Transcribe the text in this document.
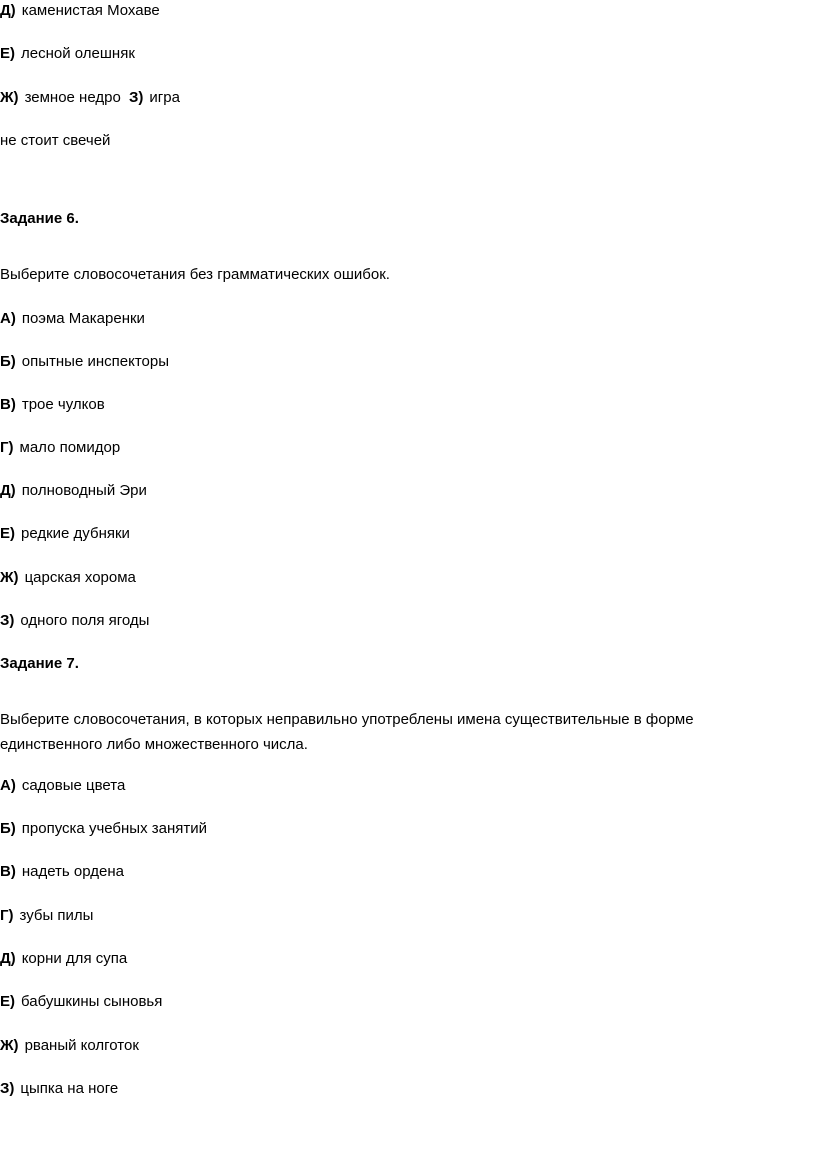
Д) каменистая Мохаве
Е) лесной олешняк
Ж) земное недро З) игра
не стоит свечей
Задание 6.
Выберите словосочетания без грамматических ошибок.
А) поэма Макаренки
Б) опытные инспекторы
В) трое чулков
Г) мало помидор
Д) полноводный Эри
Е) редкие дубняки
Ж) царская хорома
З) одного поля ягоды
Задание 7.
Выберите словосочетания, в которых неправильно употреблены имена существительные в форме единственного либо множественного числа.
А) садовые цвета
Б) пропуска учебных занятий
В) надеть ордена
Г) зубы пилы
Д) корни для супа
Е) бабушкины сыновья
Ж) рваный колготок
З) цыпка на ноге
